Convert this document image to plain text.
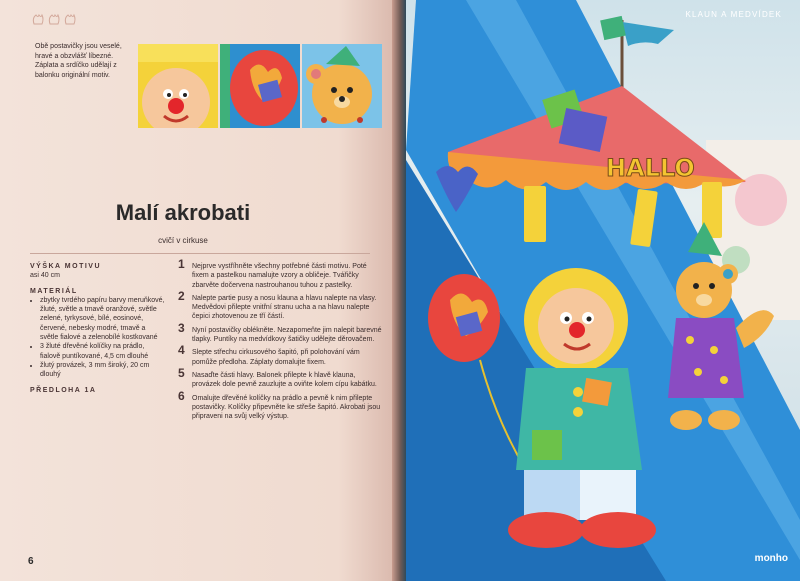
Obě postavičky jsou veselé, hravé a obzvlášť líbezné. Záplata a srdíčko udělají z balonku originální motiv.
Malí akrobati
cvičí v cirkuse
VÝŠKA MOTIVU

asi 40 cm

MATERIÁL
• zbytky tvrdého papíru barvy meruňkové, žluté, světle a tmavě oranžové, světle zelené, tyrkysové, bílé, eosinové, červené, nebesky modré, tmavě a světle fialové a zelenobílé kostkované
• 3 žluté dřevěné kolíčky na prádlo, fialově puntíkované, 4,5 cm dlouhé
• žlutý provázek, 3 mm široký, 20 cm dlouhý
PŘEDLOHA 1A
1 Nejprve vystříhněte všechny potřebné části motivu. Poté fixem a pastelkou namalujte vzory a obličeje. Tvářičky zbarvěte dočervena nastrouhanou tuhou z pastelky.
2 Nalepte partie pusy a nosu klauna a hlavu nalepte na vlasy. Medvědovi přilepte vnitřní stranu ucha a na hlavu nalepte čepici zhotovenou ze tří částí.
3 Nyní postavičky oblékněte. Nezapomeňte jim nalepit barevné tlapky. Puntíky na medvídkovy šatičky udělejte děrovačem.
4 Slepte střechu cirkusového šapitó, při polohování vám pomůže předloha. Záplaty domalujte fixem.
5 Nasaďte části hlavy. Balonek přilepte k hlavě klauna, provázek dole pevně zauzlujte a oviňte kolem cípu kabátku.
6 Omalujte dřevěné kolíčky na prádlo a pevně k nim přilepte postavičky. Kolíčky připevněte ke střeše šapitó. Akrobati jsou připraveni na svůj velký výstup.
6
HALLO
KLAUN A MEDVÍDEK
monho
